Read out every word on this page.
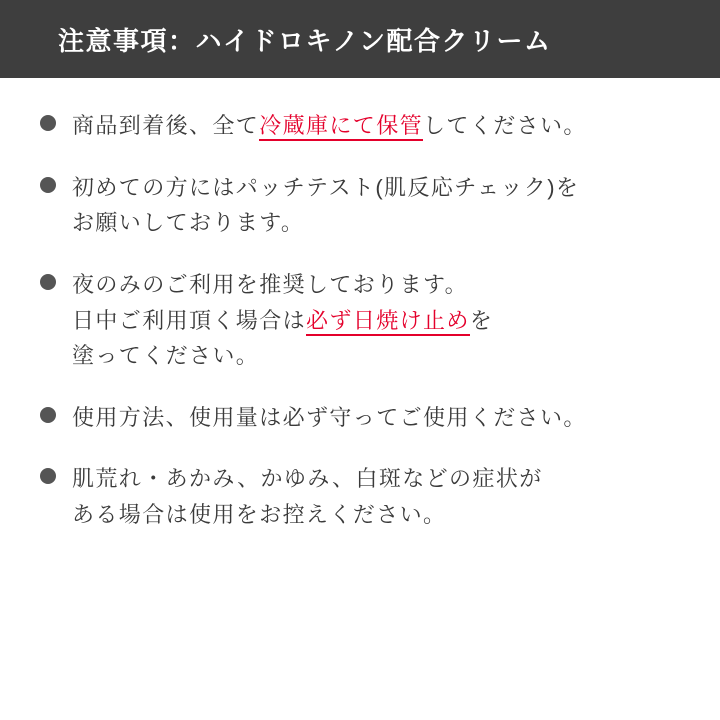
注意事項：ハイドロキノン配合クリーム
商品到着後、全て冷蔵庫にて保管してください。
初めての方にはパッチテスト(肌反応チェック)を
お願いしております。
夜のみのご利用を推奨しております。
日中ご利用頂く場合は必ず日焼け止めを
塗ってください。
使用方法、使用量は必ず守ってご使用ください。
肌荒れ・あかみ、かゆみ、白斑などの症状が
ある場合は使用をお控えください。
